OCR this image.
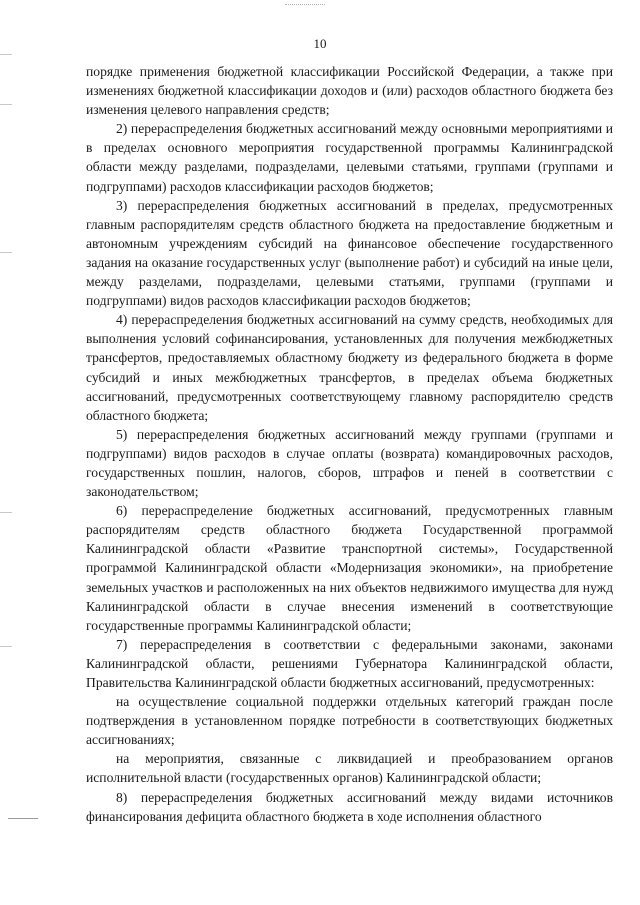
10

порядке применения бюджетной классификации Российской Федерации, а также при изменениях бюджетной классификации доходов и (или) расходов областного бюджета без изменения целевого направления средств;

2) перераспределения бюджетных ассигнований между основными мероприятиями и в пределах основного мероприятия государственной программы Калининградской области между разделами, подразделами, целевыми статьями, группами (группами и подгруппами) расходов классификации расходов бюджетов;

3) перераспределения бюджетных ассигнований в пределах, предусмотренных главным распорядителям средств областного бюджета на предоставление бюджетным и автономным учреждениям субсидий на финансовое обеспечение государственного задания на оказание государственных услуг (выполнение работ) и субсидий на иные цели, между разделами, подразделами, целевыми статьями, группами (группами и подгруппами) видов расходов классификации расходов бюджетов;

4) перераспределения бюджетных ассигнований на сумму средств, необходимых для выполнения условий софинансирования, установленных для получения межбюджетных трансфертов, предоставляемых областному бюджету из федерального бюджета в форме субсидий и иных межбюджетных трансфертов, в пределах объема бюджетных ассигнований, предусмотренных соответствующему главному распорядителю средств областного бюджета;

5) перераспределения бюджетных ассигнований между группами (группами и подгруппами) видов расходов в случае оплаты (возврата) командировочных расходов, государственных пошлин, налогов, сборов, штрафов и пеней в соответствии с законодательством;

6) перераспределение бюджетных ассигнований, предусмотренных главным распорядителям средств областного бюджета Государственной программой Калининградской области «Развитие транспортной системы», Государственной программой Калининградской области «Модернизация экономики», на приобретение земельных участков и расположенных на них объектов недвижимого имущества для нужд Калининградской области в случае внесения изменений в соответствующие государственные программы Калининградской области;

7) перераспределения в соответствии с федеральными законами, законами Калининградской области, решениями Губернатора Калининградской области, Правительства Калининградской области бюджетных ассигнований, предусмотренных:

на осуществление социальной поддержки отдельных категорий граждан после подтверждения в установленном порядке потребности в соответствующих бюджетных ассигнованиях;

на мероприятия, связанные с ликвидацией и преобразованием органов исполнительной власти (государственных органов) Калининградской области;

8) перераспределения бюджетных ассигнований между видами источников финансирования дефицита областного бюджета в ходе исполнения областного
